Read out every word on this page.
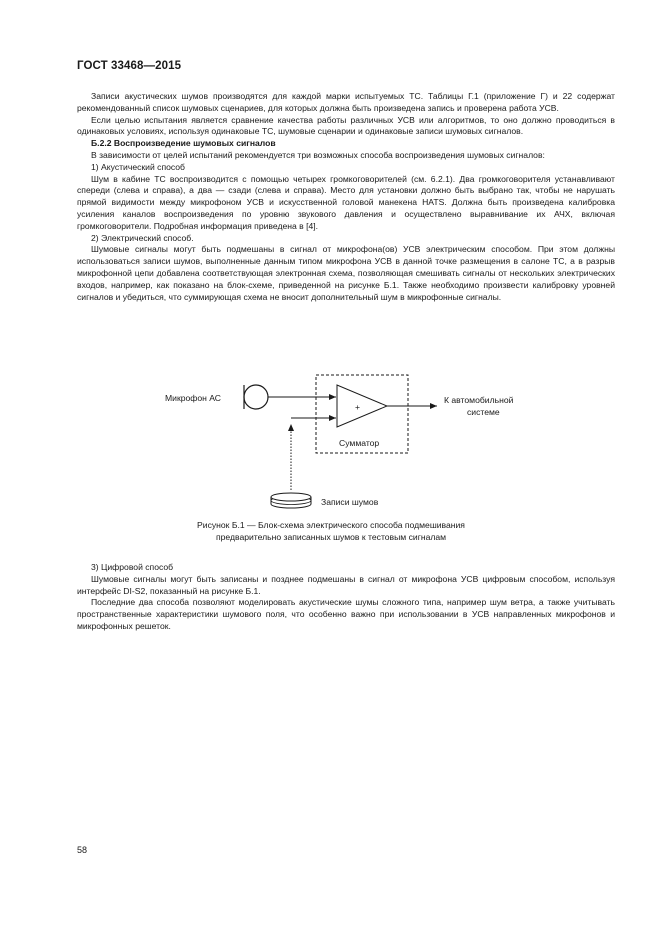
ГОСТ 33468—2015

Записи акустических шумов производятся для каждой марки испытуемых ТС. Таблицы Г.1 (приложение Г) и 22 содержат рекомендованный список шумовых сценариев, для которых должна быть произведена запись и проверена работа УСВ.

Если целью испытания является сравнение качества работы различных УСВ или алгоритмов, то оно должно проводиться в одинаковых условиях, используя одинаковые ТС, шумовые сценарии и одинаковые записи шумовых сигналов.

Б.2.2 Воспроизведение шумовых сигналов

В зависимости от целей испытаний рекомендуется три возможных способа воспроизведения шумовых сигналов:

1) Акустический способ

Шум в кабине ТС воспроизводится с помощью четырех громкоговорителей (см. 6.2.1). Два громкоговорителя устанавливают спереди (слева и справа), а два — сзади (слева и справа). Место для установки должно быть выбрано так, чтобы не нарушать прямой видимости между микрофоном УСВ и искусственной головой манекена HATS. Должна быть произведена калибровка усиления каналов воспроизведения по уровню звукового давления и осуществлено выравнивание их АЧХ, включая громкоговорители. Подробная информация приведена в [4].

2) Электрический способ.

Шумовые сигналы могут быть подмешаны в сигнал от микрофона(ов) УСВ электрическим способом. При этом должны использоваться записи шумов, выполненные данным типом микрофона УСВ в данной точке размещения в салоне ТС, а в разрыв микрофонной цепи добавлена соответствующая электронная схема, позволяющая смешивать сигналы от нескольких электрических входов, например, как показано на блок-схеме, приведенной на рисунке Б.1. Также необходимо произвести калибровку уровней сигналов и убедиться, что суммирующая схема не вносит дополнительный шум в микрофонные сигналы.

+
Сумматор
Микрофон АС	К автомобильной
системе
Записи шумов
Рисунок Б.1 — Блок-схема электрического способа подмешивания
предварительно записанных шумов к тестовым сигналам

3) Цифровой способ

Шумовые сигналы могут быть записаны и позднее подмешаны в сигнал от микрофона УСВ цифровым способом, используя интерфейс DI-S2, показанный на рисунке Б.1.

Последние два способа позволяют моделировать акустические шумы сложного типа, например шум ветра, а также учитывать пространственные характеристики шумового поля, что особенно важно при использовании в УСВ направленных микрофонов и микрофонных решеток.

58
